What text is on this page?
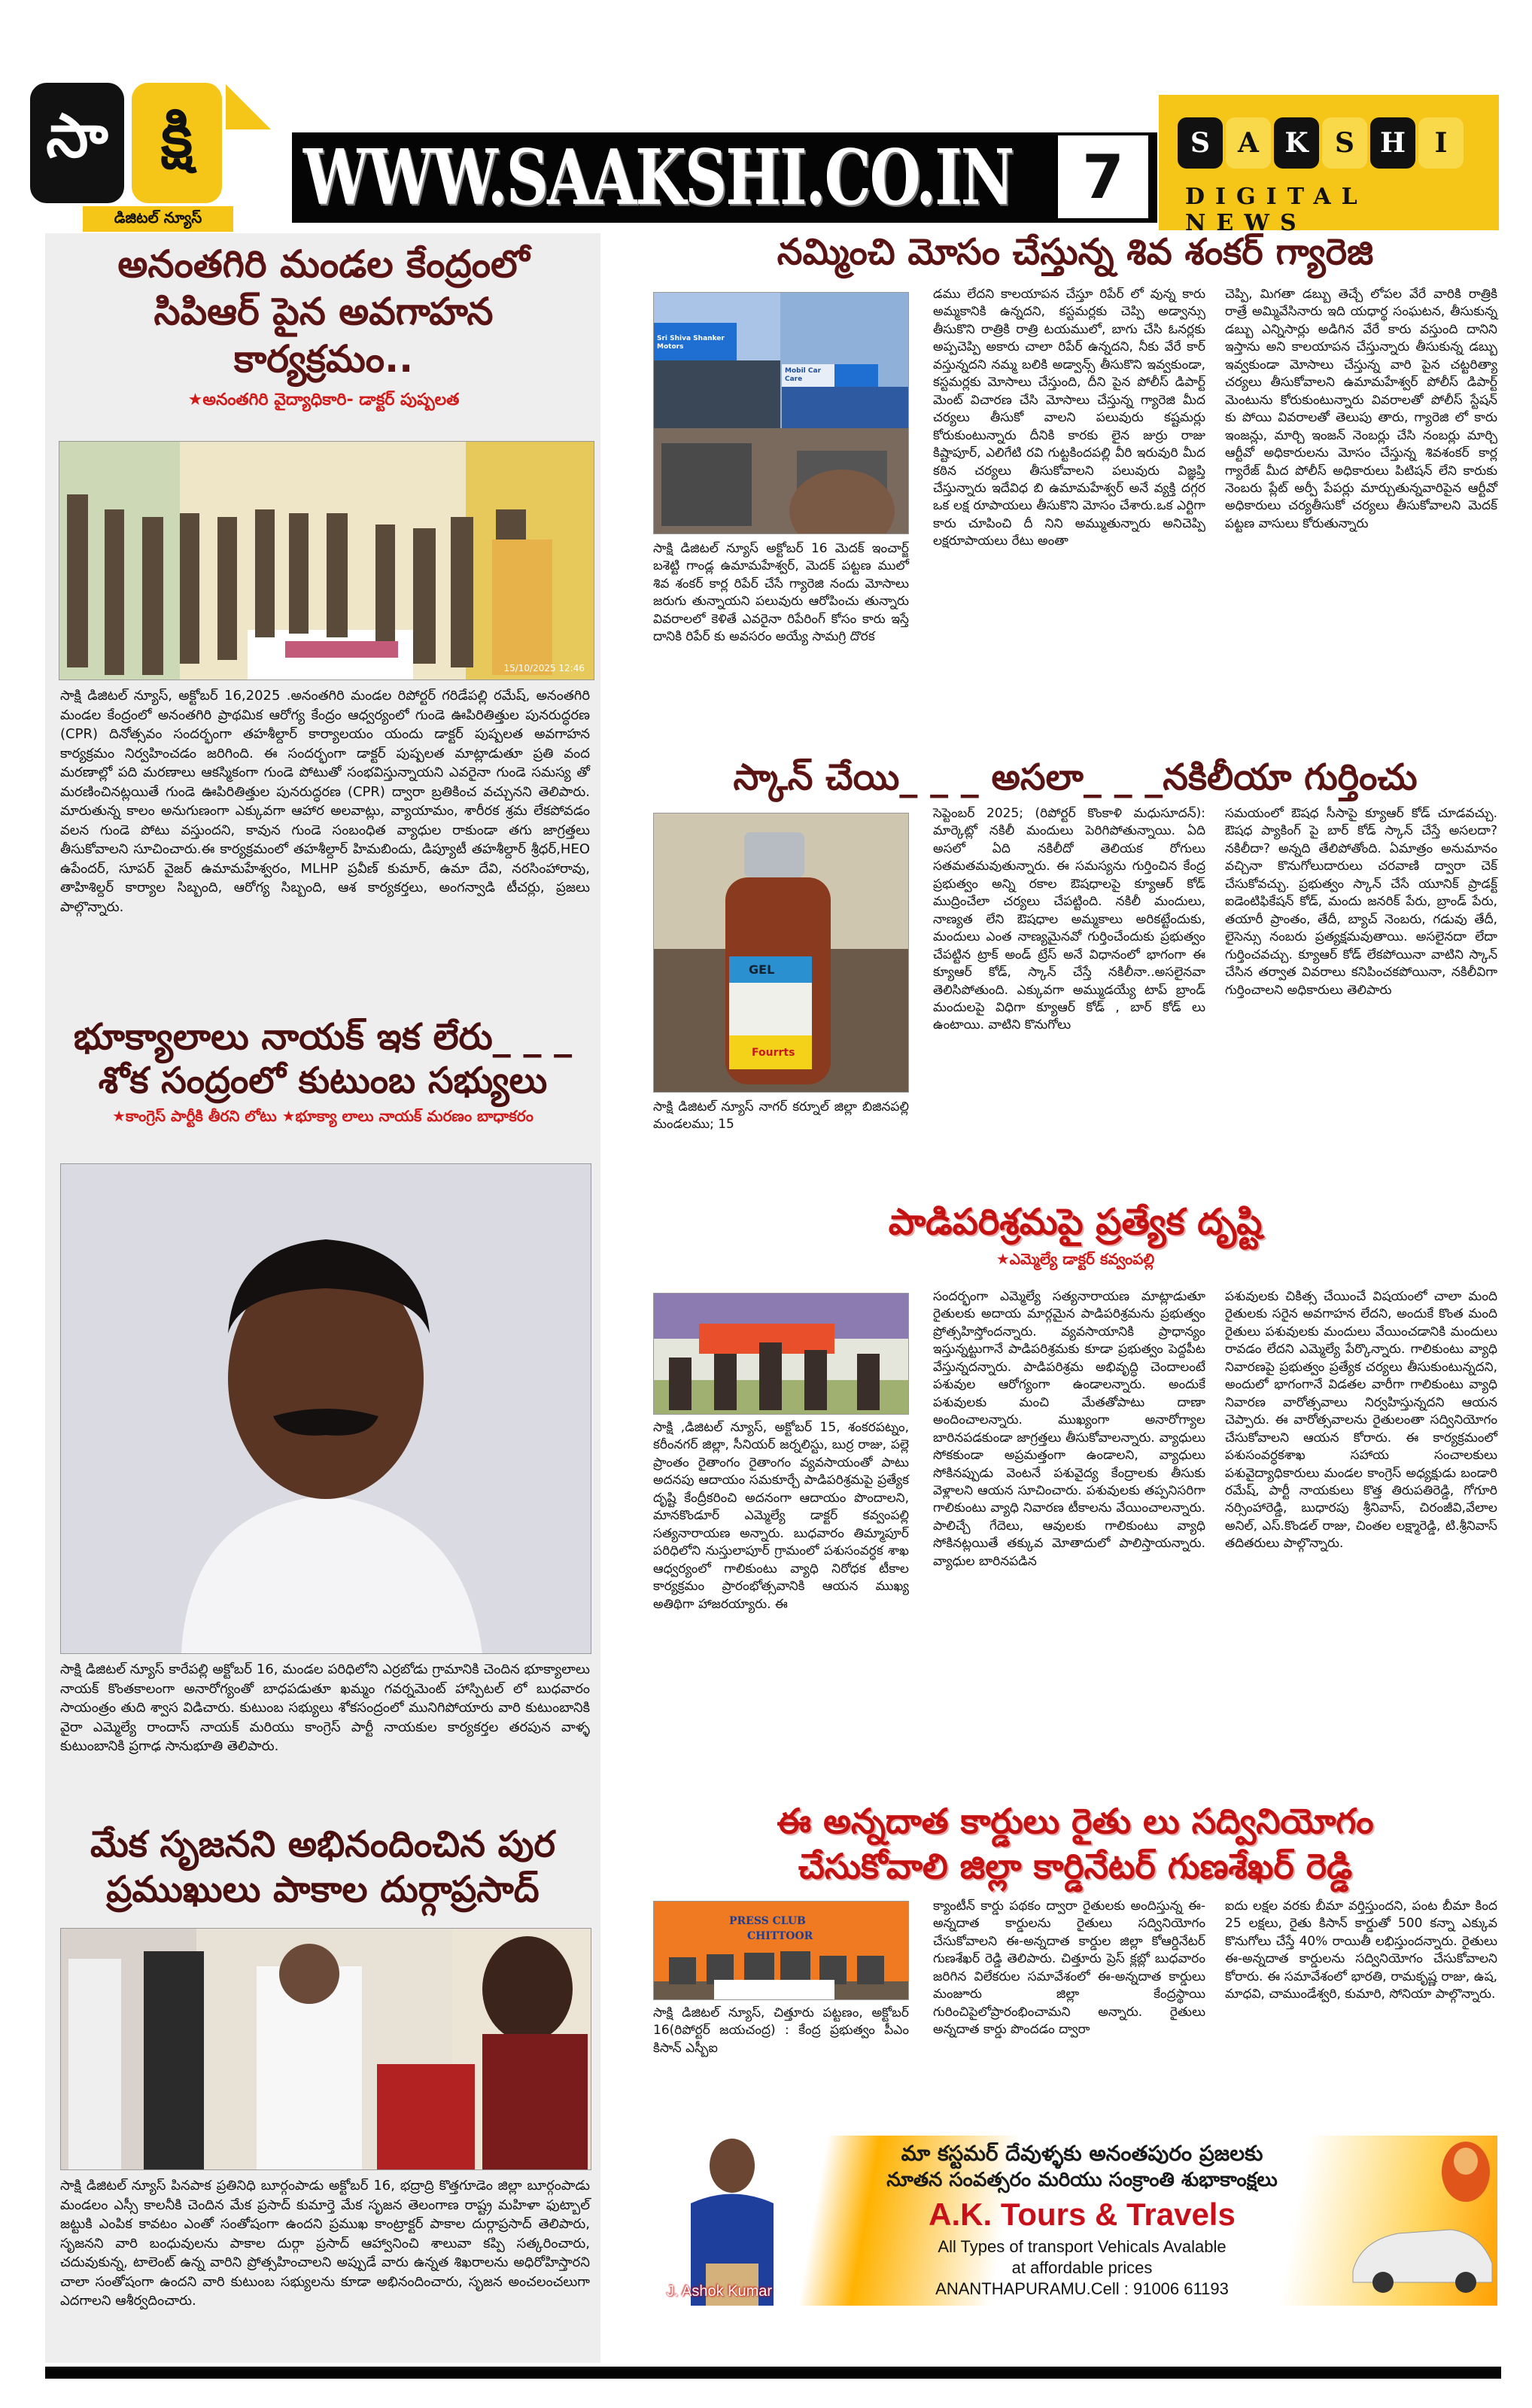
సా క్షి
డిజిటల్ న్యూస్	WWW.SAAKSHI.CO.IN	7	S	A K S H	I
DIGITAL NEWS
అనంతగిరి మండల కేంద్రంలో సిపిఆర్ పైన అవగాహన కార్యక్రమం..
★అనంతగిరి వైద్యాధికారి- డాక్టర్ పుష్పలత
15/10/2025 12:46
సాక్షి డిజిటల్ న్యూస్, అక్టోబర్ 16,2025 .అనంతగిరి మండల రిపోర్టర్ గరిడేపల్లి రమేష్, అనంతగిరి మండల కేంద్రంలో అనంతగిరి ప్రాథమిక ఆరోగ్య కేంద్రం ఆధ్వర్యంలో గుండె ఊపిరితిత్తుల పునరుద్ధరణ (CPR) దినోత్సవం సందర్భంగా తహశీల్దార్ కార్యాలయం యందు డాక్టర్ పుష్పలత అవగాహన కార్యక్రమం నిర్వహించడం జరిగింది. ఈ సందర్భంగా డాక్టర్ పుష్పలత మాట్లాడుతూ ప్రతి వంద మరణాల్లో పది మరణాలు ఆకస్మికంగా గుండె పోటుతో సంభవిస్తున్నాయని ఎవరైనా గుండె సమస్య తో మరణించినట్లయితే గుండె ఊపిరితిత్తుల పునరుద్ధరణ (CPR) ద్వారా బ్రతికించ వచ్చునని తెలిపారు. మారుతున్న కాలం అనుగుణంగా ఎక్కువగా ఆహార అలవాట్లు, వ్యాయామం, శారీరక శ్రమ లేకపోవడం వలన గుండె పోటు వస్తుందని, కావున గుండె సంబంధిత వ్యాధుల రాకుండా తగు జాగ్రత్తలు తీసుకోవాలని సూచించారు.ఈ కార్యక్రమంలో తహశీల్దార్ హిమబిందు, డిప్యూటీ తహశీల్దార్ శ్రీధర్,HEO ఉపేందర్, సూపర్ వైజర్ ఉమామహేశ్వరం, MLHP ప్రవీణ్ కుమార్, ఉమా దేవి, నరసింహారావు, తాహిశిల్దర్ కార్యాల సిబ్బంది, ఆరోగ్య సిబ్బంది, ఆశ కార్యకర్తలు, అంగన్వాడి టీచర్లు, ప్రజలు పాల్గొన్నారు.
భూక్యాలాలు నాయక్ ఇక లేరు_ _ _
శోక సంద్రంలో కుటుంబ సభ్యులు
★కాంగ్రెస్ పార్టీకి తీరని లోటు ★భూక్యా లాలు నాయక్ మరణం బాధాకరం
సాక్షి డిజిటల్ న్యూస్ కారేపల్లి అక్టోబర్ 16, మండల పరిధిలోని ఎర్రబోడు గ్రామానికి చెందిన భూక్యాలాలు నాయక్ కొంతకాలంగా అనారోగ్యంతో బాధపడుతూ ఖమ్మం గవర్నమెంట్ హాస్పిటల్ లో బుధవారం సాయంత్రం తుది శ్వాస విడిచారు. కుటుంబ సభ్యులు శోకసంద్రంలో మునిగిపోయారు వారి కుటుంబానికి వైరా ఎమ్మెల్యే రాందాస్ నాయక్ మరియు కాంగ్రెస్ పార్టీ నాయకుల కార్యకర్తల తరపున వాళ్ళ కుటుంబానికి ప్రగాఢ సానుభూతి తెలిపారు.
మేక సృజనని అభినందించిన పుర
ప్రముఖులు పాకాల దుర్గాప్రసాద్
సాక్షి డిజిటల్ న్యూస్ పినపాక ప్రతినిధి బూర్గంపాడు అక్టోబర్ 16, భద్రాద్రి కొత్తగూడెం జిల్లా బూర్గంపాడు మండలం ఎస్సీ కాలనీకి చెందిన మేక ప్రసాద్ కుమార్తె మేక సృజన తెలంగాణ రాష్ట్ర మహిళా ఫుట్బాల్ జట్టుకి ఎంపిక కావటం ఎంతో సంతోషంగా ఉందని ప్రముఖ కాంట్రాక్టర్ పాకాల దుర్గాప్రసాద్ తెలిపారు, సృజనని వారి బంధువులను పాకాల దుర్గా ప్రసాద్ ఆహ్వానించి శాలువా కప్పి సత్కరించారు, చదువుకున్న, టాలెంట్ ఉన్న వారిని ప్రోత్సహించాలని అప్పుడే వారు ఉన్నత శిఖరాలను అధిరోహిస్తారని చాలా సంతోషంగా ఉందని వారి కుటుంబ సభ్యులను కూడా అభినందించారు, సృజన అంచలంచలుగా ఎదగాలని ఆశీర్వదించారు.
నమ్మించి మోసం చేస్తున్న శివ శంకర్ గ్యారెజి
Sri Shiva Shanker Motors
Mobil Car Care
సాక్షి డిజిటల్ న్యూస్ అక్టోబర్ 16 మెదక్ ఇంచార్జ్ బశెట్టి గాండ్ల ఉమామహేశ్వర్, మెదక్ పట్టణ ములో శివ శంకర్ కార్ల రిపేర్ చేసే గ్యారెజి నందు మోసాలు జరుగు తున్నాయని పలువురు ఆరోపించు తున్నారు వివరాలలో కెళితే ఎవరైనా రిపేరింగ్ కోసం కారు ఇస్తే దానికి రిపేర్ కు అవసరం అయ్యే సామగ్రి దొరక
డము లేదని కాలయాపన చేస్తూ రిపేర్ లో వున్న కారు అమ్మకానికి ఉన్నదని, కస్టమర్లకు చెప్పి అడ్వాన్సు తీసుకొని రాత్రికి రాత్రి టయములో, బాగు చేసి ఓనర్లకు అప్పచెప్పి అకారు చాలా రిపేర్ ఉన్నదని, నీకు వేరే కార్ వస్తున్నదని నమ్మ బలికి అడ్వాన్స్ తీసుకొని ఇవ్వకుండా, కస్టమర్లకు మోసాలు చేస్తుంది, దీని పైన పోలీస్ డిపార్ట్ మెంట్ విచారణ చేసి మోసాలు చేస్తున్న గ్యారెజి మీద చర్యలు తీసుకో వాలని పలువురు కష్టమర్లు కోరుకుంటున్నారు దీనికి కారకు లైన జుర్రు రాజు కిష్టాపూర్, ఎలిగేటి రవి గుట్టకిందపల్లి వీరి ఇరువురి మీద కఠిన చర్యలు తీసుకోవాలని పలువురు విజ్ఞప్తి చేస్తున్నారు ఇదేవిధ బి ఉమామహేశ్వర్ అనే వ్యక్తి దగ్గర ఒక లక్ష రూపాయలు తీసుకొని మోసం చేశారు.ఒక ఎర్టిగా కారు చూపించి దీ నిని అమ్ముతున్నారు అనిచెప్పి లక్షరూపాయలు రేటు అంతా
చెప్పి, మిగతా డబ్బు తెచ్చే లోపల వేరే వారికి రాత్రికి రాత్రే అమ్మివేసినారు ఇది యధార్థ సంఘటన, తీసుకున్న డబ్బు ఎన్నిసార్లు అడిగిన వేరే కారు వస్తుంది దానిని ఇస్తాను అని కాలయాపన చేస్తున్నారు తీసుకున్న డబ్బు ఇవ్వకుండా మోసాలు చేస్తున్న వారి పైన చట్టరిత్యా చర్యలు తీసుకోవాలని ఉమామహేశ్వర్ పోలీస్ డిపార్ట్ మెంటును కోరుకుంటున్నారు వివరాలతో పోలీస్ స్టేషన్ కు పోయి వివరాలతో తెలుపు తారు, గ్యారెజి లో కారు ఇంజన్లు, మార్చి ఇంజన్ నెంబర్లు చేసి నంబర్లు మార్చి ఆర్టీవో అధికారులను మోసం చేస్తున్న శివశంకర్ కార్ల గ్యారేజ్ మీద పోలీస్ అధికారులు పిటిషన్ లేని కారుకు నెంబరు ప్లేట్ అర్పీ పేపర్లు మార్చుతున్నవారిపైన ఆర్టీవో అధికారులు చర్యతీసుకో చర్యలు తీసుకోవాలని మెదక్ పట్టణ వాసులు కోరుతున్నారు
స్కాన్ చేయి_ _ _ అసలా_ _ _నకిలీయా గుర్తించు
GEL
Fourrts
సాక్షి డిజిటల్ న్యూస్ నాగర్ కర్నూల్ జిల్లా బిజినపల్లి మండలము; 15
సెప్టెంబర్ 2025; (రిపోర్టర్ కొంకాళి మధుసూదన్): మార్కెట్లో నకిలీ మందులు పెరిగిపోతున్నాయి. ఏది అసలో ఏది నకిలీదో తెలియక రోగులు సతమతమవుతున్నారు. ఈ సమస్యను గుర్తించిన కేంద్ర ప్రభుత్వం అన్ని రకాల ఔషధాలపై క్యూఆర్ కోడ్ ముద్రించేలా చర్యలు చేపట్టింది. నకిలీ మందులు, నాణ్యత లేని ఔషధాల అమ్మకాలు అరికట్టేందుకు, మందులు ఎంత నాణ్యమైనవో గుర్తించేందుకు ప్రభుత్వం చేపట్టిన ట్రాక్ అండ్ ట్రేస్ అనే విధానంలో భాగంగా ఈ క్యూఆర్ కోడ్, స్కాన్ చేస్తే నకిలీనా..అసలైనవా తెలిసిపోతుంది. ఎక్కువగా అమ్ముడయ్యే టాప్ బ్రాండ్ మందులపై విధిగా క్యూఆర్ కోడ్ , బార్ కోడ్ లు ఉంటాయి. వాటిని కొనుగోలు
సమయంలో ఔషధ సీసాపై క్యూఆర్ కోడ్ చూడవచ్చు. ఔషధ ప్యాకింగ్ పై బార్ కోడ్ స్కాన్ చేస్తే అసలదా? నకిలీదా? అన్నది తేలిపోతోంది. ఏమాత్రం అనుమానం వచ్చినా కొనుగోలుదారులు చరవాణి ద్వారా చెక్ చేసుకోవచ్చు. ప్రభుత్వం స్కాన్ చేసే యూనిక్ ప్రాడక్ట్ ఐడెంటిఫికేషన్ కోడ్, మందు జనరిక్ పేరు, బ్రాండ్ పేరు, తయారీ ప్రాంతం, తేదీ, బ్యాచ్ నెంబరు, గడువు తేదీ, లైసెన్సు నంబరు ప్రత్యక్షమవుతాయి. అసలైనదా లేదా గుర్తించవచ్చు. క్యూఆర్ కోడ్ లేకపోయినా వాటిని స్కాన్ చేసిన తర్వాత వివరాలు కనిపించకపోయినా, నకిలీవిగా గుర్తించాలని అధికారులు తెలిపారు
పాడిపరిశ్రమపై ప్రత్యేక దృష్టి
★ఎమ్మెల్యే డాక్టర్ కవ్వంపల్లి
సాక్షి ,డిజిటల్ న్యూస్, అక్టోబర్ 15, శంకరపట్నం, కరీంనగర్ జిల్లా, సీనియర్ జర్నలిస్టు, బుర్ర రాజు, పల్లె ప్రాంతం రైతాంగం రైతాంగం వ్యవసాయంతో పాటు అదనపు ఆదాయం సమకూర్చే పాడిపరిశ్రమపై ప్రత్యేక దృష్టి కేంద్రీకరించి అదనంగా ఆదాయం పొందాలని, మానకొండూర్ ఎమ్మెల్యే డాక్టర్ కవ్వంపల్లి సత్యనారాయణ అన్నారు. బుధవారం తిమ్మాపూర్ పరిధిలోని నుస్తులాపూర్ గ్రామంలో పశుసంవర్ధక శాఖ ఆధ్వర్యంలో గాలికుంటు వ్యాధి నిరోధక టీకాల కార్యక్రమం ప్రారంభోత్సవానికి ఆయన ముఖ్య అతిథిగా హాజరయ్యారు. ఈ
సందర్భంగా ఎమ్మెల్యే సత్యనారాయణ మాట్లాడుతూ రైతులకు అదాయ మార్గమైన పాడిపరిశ్రమను ప్రభుత్వం ప్రోత్సహిస్తోందన్నారు. వ్యవసాయానికి ప్రాధాన్యం ఇస్తున్నట్టుగానే పాడిపరిశ్రమకు కూడా ప్రభుత్వం పెద్దపీట వేస్తున్నదన్నారు. పాడిపరిశ్రమ అభివృద్ధి చెందాలంటే పశువుల ఆరోగ్యంగా ఉండాలన్నారు. అందుకే పశువులకు మంచి మేతతోపాటు దాణా అందించాలన్నారు. ముఖ్యంగా అనారోగ్యాల బారినపడకుండా జాగ్రత్తలు తీసుకోవాలన్నారు. వ్యాధులు సోకకుండా అప్రమత్తంగా ఉండాలని, వ్యాధులు సోకినప్పుడు వెంటనే పశువైద్య కేంద్రాలకు తీసుకు వెళ్లాలని ఆయన సూచించారు. పశువులకు తప్పనిసరిగా గాలికుంటు వ్యాధి నివారణ టీకాలను వేయించాలన్నారు. పాలిచ్చే గేదెలు, ఆవులకు గాలికుంటు వ్యాధి సోకినట్లయితే తక్కువ మోతాదులో పాలిస్తాయన్నారు. వ్యాధుల బారినపడిన
పశువులకు చికిత్స చేయించే విషయంలో చాలా మంది రైతులకు సరైన అవగాహన లేదని, అందుకే కొంత మంది రైతులు పశువులకు మందులు వేయించడానికి మందులు రావడం లేదని ఎమ్మెల్యే పేర్కొన్నారు. గాలికుంటు వ్యాధి నివారణపై ప్రభుత్వం ప్రత్యేక చర్యలు తీసుకుంటున్నదని, అందులో భాగంగానే విడతల వారీగా గాలికుంటు వ్యాధి నివారణ వారోత్సవాలు నిర్వహిస్తున్నదని ఆయన చెప్పారు. ఈ వారోత్సవాలను రైతులంతా సద్వినియోగం చేసుకోవాలని ఆయన కోరారు. ఈ కార్యక్రమంలో పశుసంవర్ధకశాఖ సహాయ సంచాలకులు పశువైద్యాధికారులు మండల కాంగ్రెస్ అధ్యక్షుడు బండారి రమేష్, పార్టీ నాయకులు కొత్త తిరుపతిరెడ్డి, గోగూరి నర్సింహారెడ్డి, బుధారపు శ్రీనివాస్, చిరంజీవి,వేలాల అనిల్, ఎస్.కొండల్ రాజు, చింతల లక్ష్మారెడ్డి, టి.శ్రీనివాస్ తదితరులు పాల్గొన్నారు.
ఈ అన్నదాత కార్డులు రైతు లు సద్వినియోగం
చేసుకోవాలి జిల్లా కార్డినేటర్ గుణశేఖర్ రెడ్డి
PRESS CLUB
CHITTOOR
సాక్షి డిజిటల్ న్యూస్, చిత్తూరు పట్టణం, అక్టోబర్ 16(రిపోర్టర్ జయచంద్ర) : కేంద్ర ప్రభుత్వం పీఎం కిసాన్ ఎస్బీఐ
క్యాంటీన్ కార్డు పథకం ద్వారా రైతులకు అందిస్తున్న ఈ-అన్నదాత కార్డులను రైతులు సద్వినియోగం చేసుకోవాలని ఈ-అన్నదాత కార్డుల జిల్లా కోఆర్డినేటర్ గుణశేఖర్ రెడ్డి తెలిపారు. చిత్తూరు ప్రెస్ క్లబ్లో బుధవారం జరిగిన విలేకరుల సమావేశంలో ఈ-అన్నదాత కార్డులు మంజూరు జిల్లా కేంద్రస్థాయి గురించిపైలోప్రారంభించామని అన్నారు. రైతులు అన్నదాత కార్డు పొందడం ద్వారా
ఐదు లక్షల వరకు బీమా వర్తిస్తుందని, పంట బీమా కింద 25 లక్షలు, రైతు కిసాన్ కార్డుతో 500 కన్నా ఎక్కువ కొనుగోలు చేస్తే 40% రాయితీ లభిస్తుందన్నారు. రైతులు ఈ-అన్నదాత కార్డులను సద్వినియోగం చేసుకోవాలని కోరారు. ఈ సమావేశంలో భారతి, రామకృష్ణ రాజు, ఉష, మాధవి, చాముండేశ్వరి, కుమారి, సోనియా పాల్గొన్నారు.
మా కస్టమర్ దేవుళ్ళకు అనంతపురం ప్రజలకు
నూతన సంవత్సరం మరియు సంక్రాంతి శుభాకాంక్షలు
A.K. Tours & Travels
All Types of transport Vehicals Avalable
at affordable prices
ANANTHAPURAMU.Cell : 91006 61193
J. Ashok Kumar
